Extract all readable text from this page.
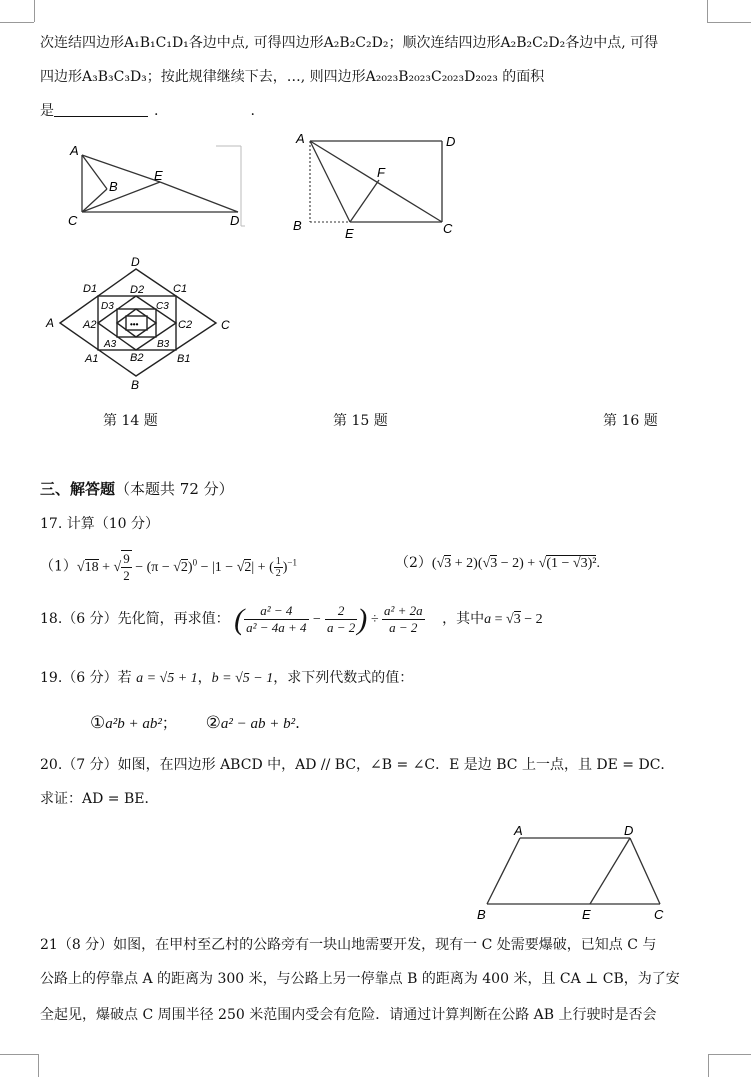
次连结四边形A₁B₁C₁D₁各边中点, 可得四边形A₂B₂C₂D₂；顺次连结四边形A₂B₂C₂D₂各边中点, 可得
四边形A₃B₃C₃D₃；按此规律继续下去，…, 则四边形A₂₀₂₃B₂₀₂₃C₂₀₂₃D₂₀₂₃ 的面积
是	.	.
A
B
C	D
E
A
B	C
D
E
F
•••
A
B
C
D
A1	B1
C1
D1
A2
B2
C2
D2
A3	B3
C3
D3
第 14 题	第 15 题	第 16 题
三、解答题（本题共 72 分）
17. 计算（10 分）
（1）√18 + √ $\frac{9}{2} - (\pi - √2)^0 - |1 - √2|$ + ( $\frac{1}{2} )^{-1}$	（2）(√3 + 2)(√3 − 2) + √(1 − √3)².
18.（6 分）先化简，再求值： ( $\frac{\text{a² − 4}}{\text{a² − 4a + 4}} - \frac{2}{a - 2}$ ) ÷ $\frac{\text{a² + 2a}}{a - 2}$ ，其中a = √3 − 2
19.（6 分）若 a = √5 + 1，b = √5 − 1，求下列代数式的值：
①a²b + ab²； ②a² − ab + b².
20.（7 分）如图，在四边形 ABCD 中，AD // BC，∠B = ∠C．E 是边 BC 上一点，且 DE = DC．
求证：AD = BE．
A	D
B	E	C
21（8 分）如图，在甲村至乙村的公路旁有一块山地需要开发，现有一 C 处需要爆破，已知点 C 与
公路上的停靠点 A 的距离为 300 米，与公路上另一停靠点 B 的距离为 400 米，且 CA ⊥ CB，为了安
全起见，爆破点 C 周围半径 250 米范围内受会有危险．请通过计算判断在公路 AB 上行驶时是否会
